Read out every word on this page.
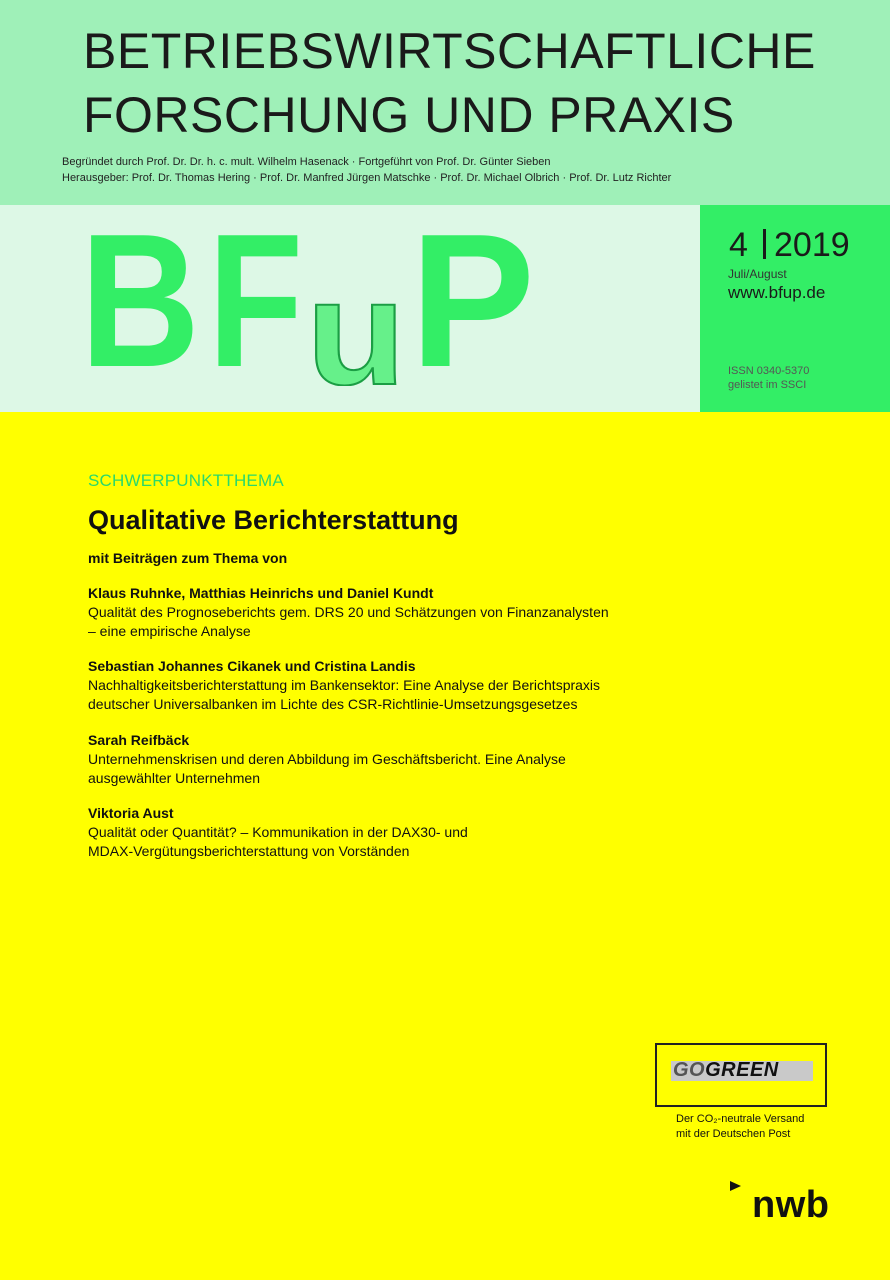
BETRIEBSWIRTSCHAFTLICHE
FORSCHUNG UND PRAXIS
Begründet durch Prof. Dr. Dr. h. c. mult. Wilhelm Hasenack · Fortgeführt von Prof. Dr. Günter Sieben
Herausgeber: Prof. Dr. Thomas Hering · Prof. Dr. Manfred Jürgen Matschke · Prof. Dr. Michael Olbrich · Prof. Dr. Lutz Richter
B F u P	4 2019
Juli/August
www.bfup.de
ISSN 0340-5370
gelistet im SSCI
SCHWERPUNKTTHEMA
Qualitative Berichterstattung
mit Beiträgen zum Thema von
Klaus Ruhnke, Matthias Heinrichs und Daniel Kundt
Qualität des Prognoseberichts gem. DRS 20 und Schätzungen von Finanzanalysten
– eine empirische Analyse
Sebastian Johannes Cikanek und Cristina Landis
Nachhaltigkeitsberichterstattung im Bankensektor: Eine Analyse der Berichtspraxis
deutscher Universalbanken im Lichte des CSR-Richtlinie-Umsetzungsgesetzes
Sarah Reifbäck
Unternehmenskrisen und deren Abbildung im Geschäftsbericht. Eine Analyse
ausgewählter Unternehmen
Viktoria Aust
Qualität oder Quantität? – Kommunikation in der DAX30- und
MDAX-Vergütungsberichterstattung von Vorständen
GOGREEN
Der CO₂-neutrale Versand
mit der Deutschen Post
nwb
